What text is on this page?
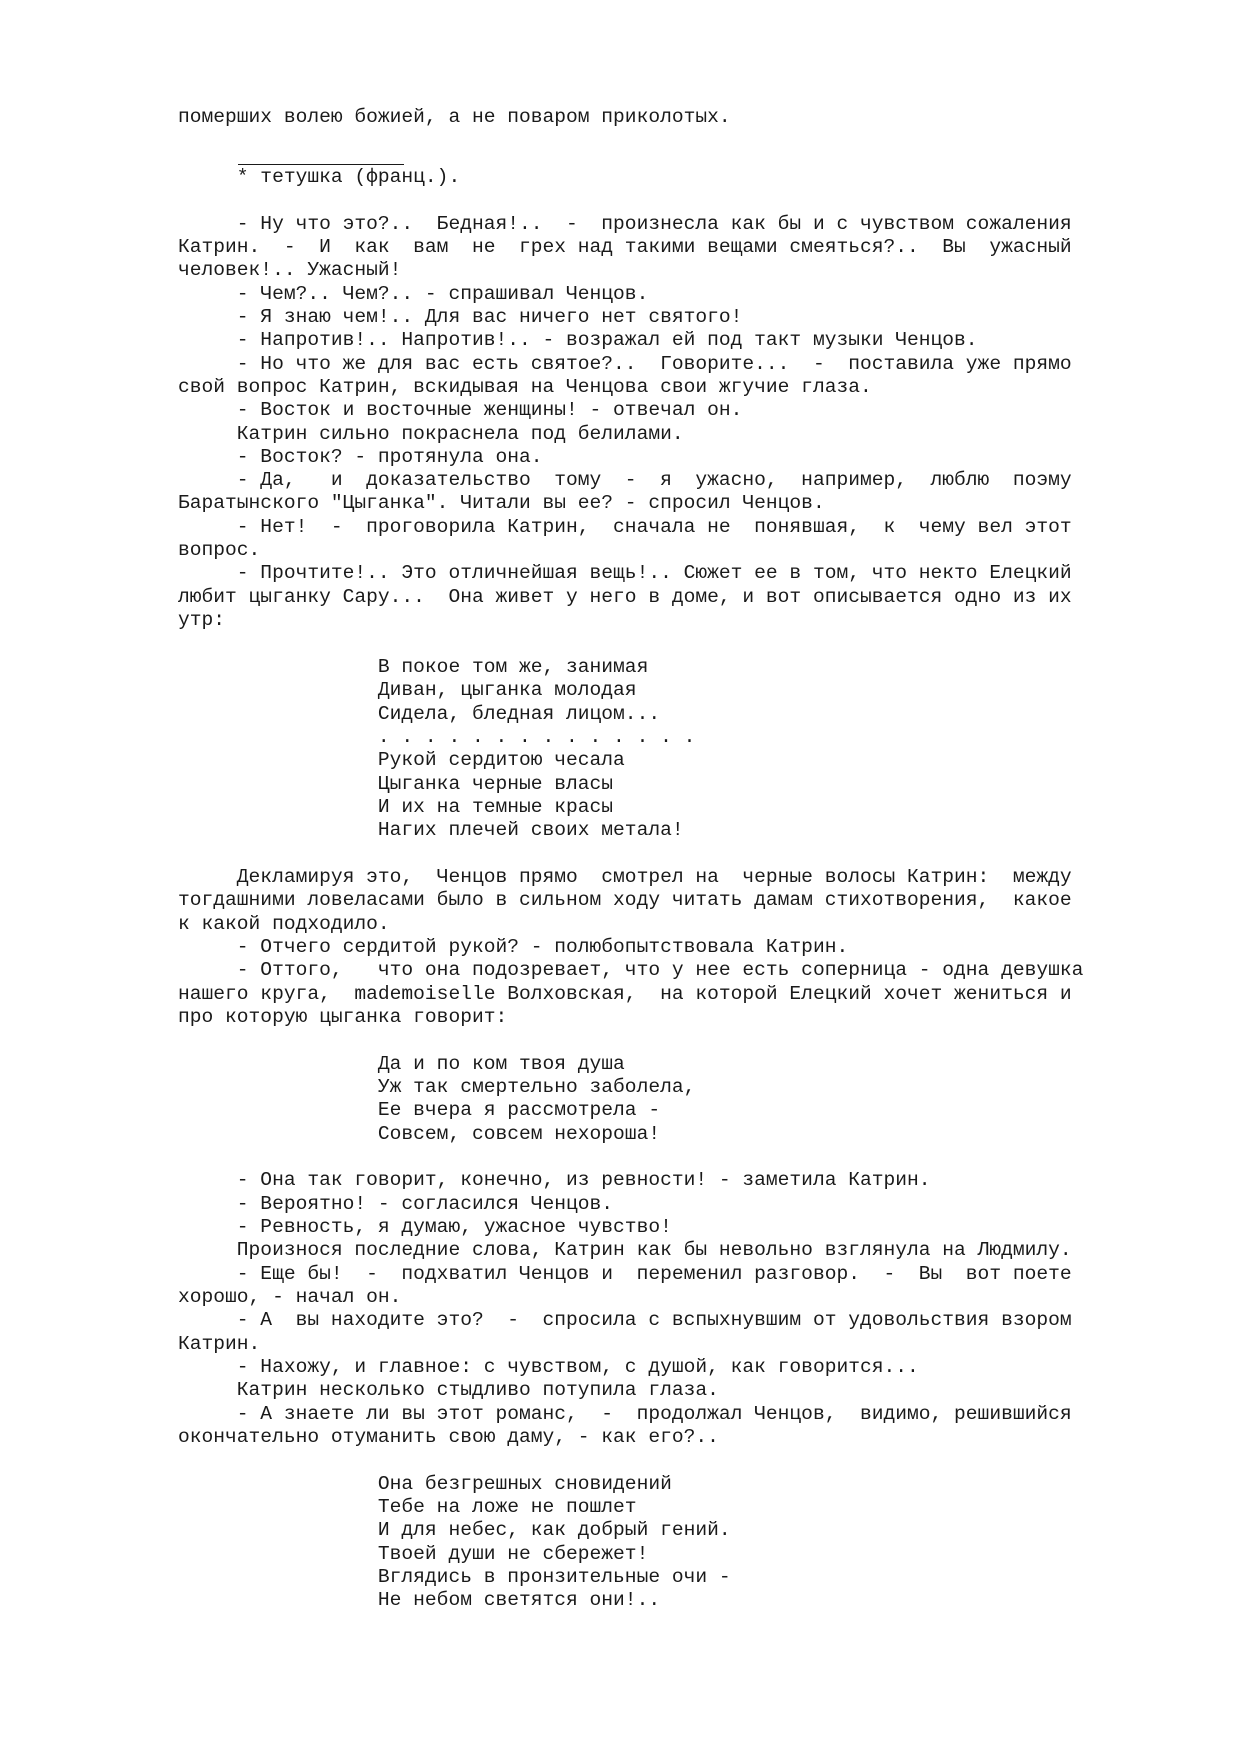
померших волею божией, а не поваром приколотых.
* тетушка (франц.).
- Ну что это?..  Бедная!..  -  произнесла как бы и с чувством сожаления
Катрин.  -  И  как  вам  не  грех над такими вещами смеяться?..  Вы  ужасный
человек!.. Ужасный!
- Чем?.. Чем?.. - спрашивал Ченцов.
- Я знаю чем!.. Для вас ничего нет святого!
- Напротив!.. Напротив!.. - возражал ей под такт музыки Ченцов.
- Но что же для вас есть святое?..  Говорите...  -  поставила уже прямо
свой вопрос Катрин, вскидывая на Ченцова свои жгучие глаза.
- Восток и восточные женщины! - отвечал он.
Катрин сильно покраснела под белилами.
- Восток? - протянула она.
- Да,   и  доказательство  тому  -  я  ужасно,  например,  люблю  поэму
Баратынского "Цыганка". Читали вы ее? - спросил Ченцов.
- Нет!  -  проговорила Катрин,  сначала не  понявшая,  к  чему вел этот
вопрос.
- Прочтите!.. Это отличнейшая вещь!.. Сюжет ее в том, что некто Елецкий
любит цыганку Сару...  Она живет у него в доме, и вот описывается одно из их
утр:
В покое том же, занимая
Диван, цыганка молодая
Сидела, бледная лицом...
. . . . . . . . . . . . . .
Рукой сердитою чесала
Цыганка черные власы
И их на темные красы
Нагих плечей своих метала!
Декламируя это,  Ченцов прямо  смотрел на  черные волосы Катрин:  между
тогдашними ловеласами было в сильном ходу читать дамам стихотворения,  какое
к какой подходило.
- Отчего сердитой рукой? - полюбопытствовала Катрин.
- Оттого,   что она подозревает, что у нее есть соперница - одна девушка
нашего круга,  mademoiselle Волховская,  на которой Елецкий хочет жениться и
про которую цыганка говорит:
Да и по ком твоя душа
Уж так смертельно заболела,
Ее вчера я рассмотрела -
Совсем, совсем нехороша!
- Она так говорит, конечно, из ревности! - заметила Катрин.
- Вероятно! - согласился Ченцов.
- Ревность, я думаю, ужасное чувство!
Произнося последние слова, Катрин как бы невольно взглянула на Людмилу.
- Еще бы!  -  подхватил Ченцов и  переменил разговор.  -  Вы  вот поете
хорошо, - начал он.
- А  вы находите это?  -  спросила с вспыхнувшим от удовольствия взором
Катрин.
- Нахожу, и главное: с чувством, с душой, как говорится...
Катрин несколько стыдливо потупила глаза.
- А знаете ли вы этот романс,  -  продолжал Ченцов,  видимо, решившийся
окончательно отуманить свою даму, - как его?..
Она безгрешных сновидений
Тебе на ложе не пошлет
И для небес, как добрый гений.
Твоей души не сбережет!
Вглядись в пронзительные очи -
Не небом светятся они!..
